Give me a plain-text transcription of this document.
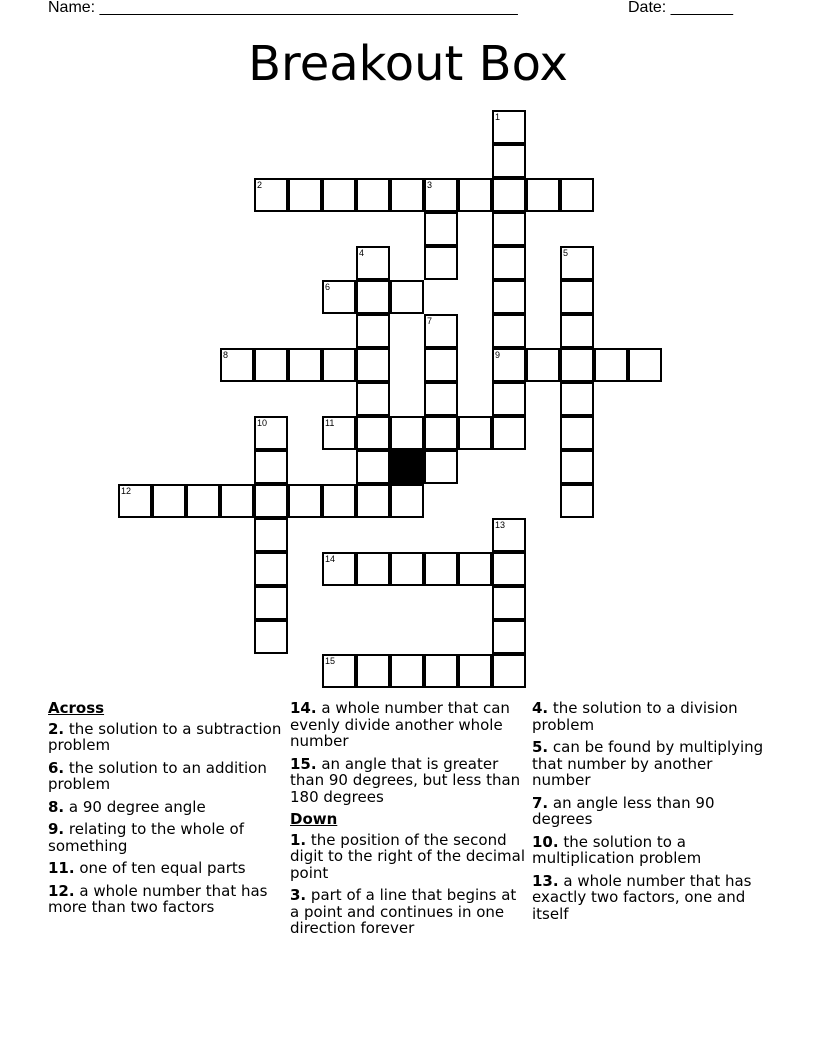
Name: _______________________________________________	Date: _______
Breakout Box
1
2	3
4	5
6
7
8	9
10	11
12
13
14
15
Across
2. the solution to a subtraction problem
6. the solution to an addition problem
8. a 90 degree angle
9. relating to the whole of something
11. one of ten equal parts
12. a whole number that has more than two factors
14. a whole number that can evenly divide another whole number
15. an angle that is greater than 90 degrees, but less than 180 degrees
Down
1. the position of the second digit to the right of the decimal point
3. part of a line that begins at a point and continues in one direction forever
4. the solution to a division problem
5. can be found by multiplying that number by another number
7. an angle less than 90 degrees
10. the solution to a multiplication problem
13. a whole number that has exactly two factors, one and itself
